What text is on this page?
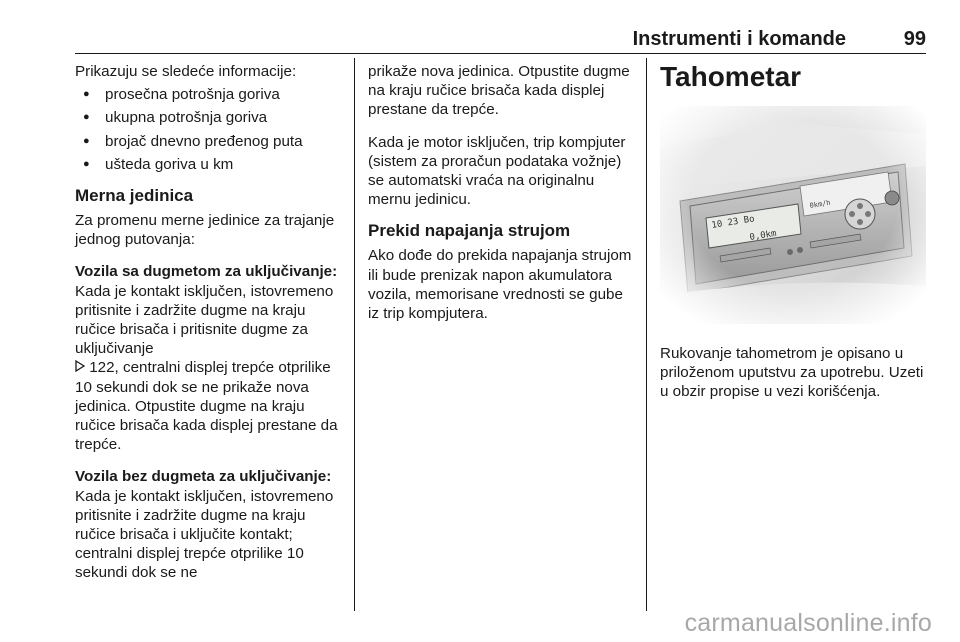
Instrumenti i komande	99

Prikazuju se sledeće informacije:

● prosečna potrošnja goriva
● ukupna potrošnja goriva
● brojač dnevno pređenog puta
● ušteda goriva u km
Merna jedinica

Za promenu merne jedinice za trajanje jednog putovanja:

Vozila sa dugmetom za uključivanje:
Kada je kontakt isključen, istovremeno pritisnite i zadržite dugme na kraju ručice brisača i pritisnite dugme za uključivanje
122, centralni displej trepće otprilike 10 sekundi dok se ne prikaže nova jedinica. Otpustite dugme na kraju ručice brisača kada displej prestane da trepće.

Vozila bez dugmeta za uključivanje:
Kada je kontakt isključen, istovremeno pritisnite i zadržite dugme na kraju ručice brisača i uključite kontakt; centralni displej trepće otprilike 10 sekundi dok se ne

prikaže nova jedinica. Otpustite dugme na kraju ručice brisača kada displej prestane da trepće.

Kada je motor isključen, trip kompjuter (sistem za proračun podataka vožnje) se automatski vraća na originalnu mernu jedinicu.

Prekid napajanja strujom

Ako dođe do prekida napajanja strujom ili bude prenizak napon akumulatora vozila, memorisane vrednosti se gube iz trip kompjutera.

Tahometar

Rukovanje tahometrom je opisano u priloženom uputstvu za upotrebu. Uzeti u obzir propise u vezi korišćenja.

carmanualsonline.info
